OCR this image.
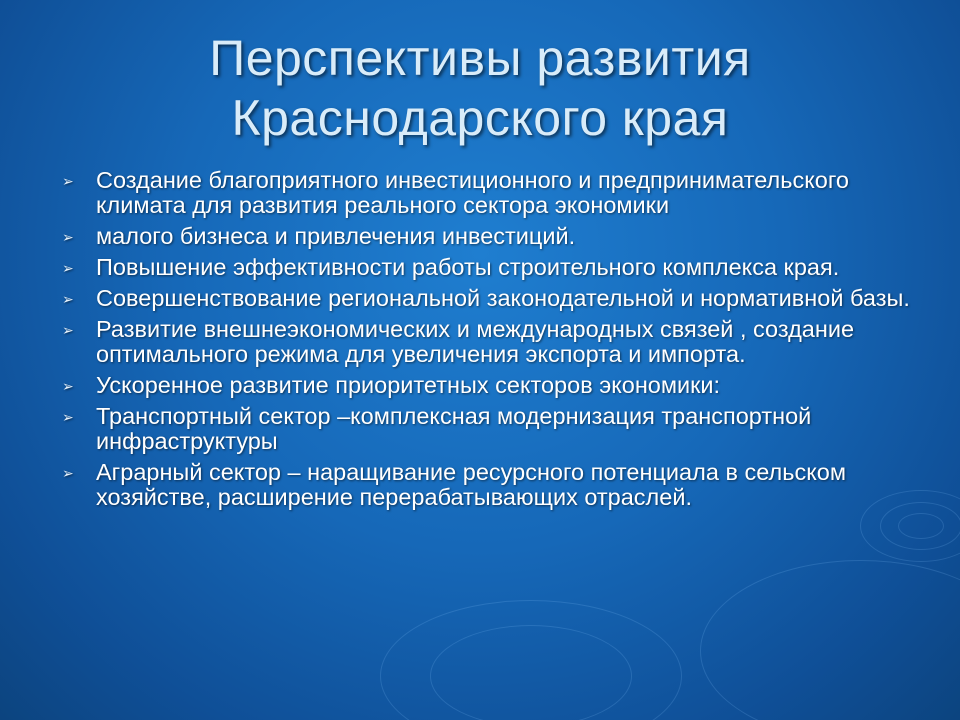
Перспективы развития
Краснодарского края
➢ Создание благоприятного инвестиционного и предпринимательского климата для развития реального сектора экономики
➢ малого бизнеса и привлечения инвестиций.
➢ Повышение эффективности работы строительного комплекса края.
➢ Совершенствование региональной законодательной и нормативной базы.
➢ Развитие внешнеэкономических и международных связей , создание оптимального режима для увеличения экспорта и импорта.
➢ Ускоренное развитие приоритетных секторов экономики:
➢ Транспортный сектор –комплексная модернизация транспортной инфраструктуры
➢ Аграрный сектор – наращивание ресурсного потенциала в сельском хозяйстве, расширение перерабатывающих отраслей.
